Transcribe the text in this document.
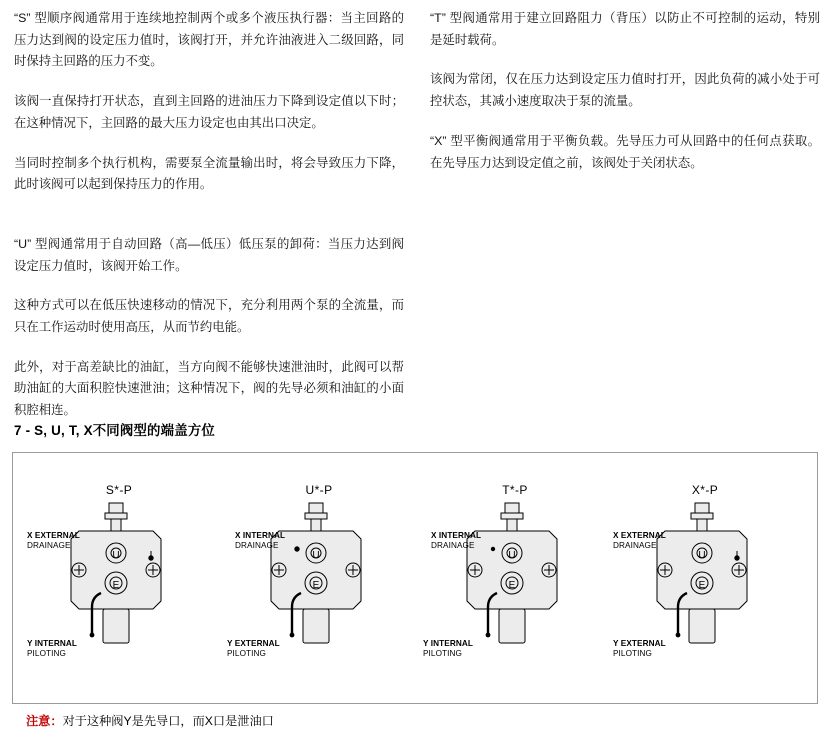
“S” 型顺序阀通常用于连续地控制两个或多个液压执行器：当主回路的压力达到阀的设定压力值时，该阀打开，并允许油液进入二级回路，同时保持主回路的压力不变。

该阀一直保持打开状态，直到主回路的进油压力下降到设定值以下时；在这种情况下，主回路的最大压力设定也由其出口决定。

当同时控制多个执行机构，需要泵全流量输出时，将会导致压力下降，此时该阀可以起到保持压力的作用。

“U” 型阀通常用于自动回路（高—低压）低压泵的卸荷：当压力达到阀设定压力值时，该阀开始工作。

这种方式可以在低压快速移动的情况下，充分利用两个泵的全流量，而只在工作运动时使用高压，从而节约电能。

此外，对于高差缺比的油缸，当方向阀不能够快速泄油时，此阀可以帮助油缸的大面积腔快速泄油；这种情况下，阀的先导必须和油缸的小面积腔相连。

“T” 型阀通常用于建立回路阻力（背压）以防止不可控制的运动，特别是延时载荷。

该阀为常闭，仅在压力达到设定压力值时打开，因此负荷的减小处于可控状态，其减小速度取决于泵的流量。

“X” 型平衡阀通常用于平衡负载。先导压力可从回路中的任何点获取。在先导压力达到设定值之前，该阀处于关闭状态。

7 - S, U, T, X不同阀型的端盖方位
S*-P
U
E
X EXTERNAL
DRAINAGE
Y INTERNAL
PILOTING
U*-P
U
E
X INTERNAL
DRAINAGE
Y EXTERNAL
PILOTING
T*-P
U
E
X INTERNAL
DRAINAGE
Y INTERNAL
PILOTING
X*-P
U
E
X EXTERNAL
DRAINAGE
Y EXTERNAL
PILOTING
注意：对于这种阀Y是先导口，而X口是泄油口
